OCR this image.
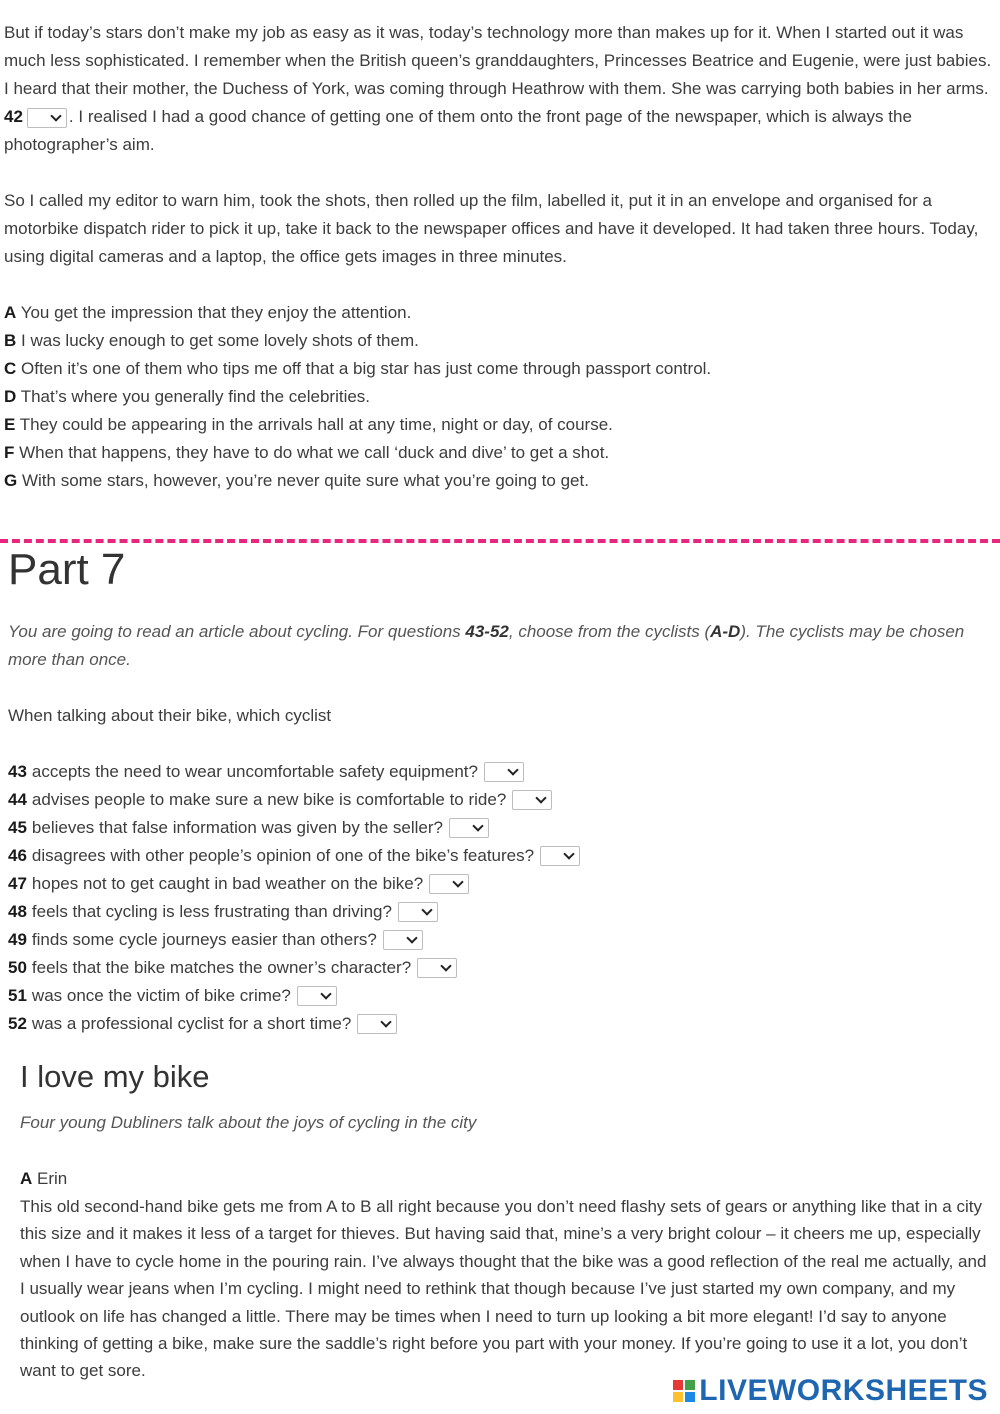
But if today’s stars don’t make my job as easy as it was, today’s technology more than makes up for it. When I started out it was much less sophisticated. I remember when the British queen’s granddaughters, Princesses Beatrice and Eugenie, were just babies. I heard that their mother, the Duchess of York, was coming through Heathrow with them. She was carrying both babies in her arms. 42	. I realised I had a good chance of getting one of them onto the front page of the newspaper, which is always the photographer’s aim.

So I called my editor to warn him, took the shots, then rolled up the film, labelled it, put it in an envelope and organised for a motorbike dispatch rider to pick it up, take it back to the newspaper offices and have it developed. It had taken three hours. Today, using digital cameras and a laptop, the office gets images in three minutes.

A You get the impression that they enjoy the attention.

B I was lucky enough to get some lovely shots of them.

C Often it’s one of them who tips me off that a big star has just come through passport control.

D That’s where you generally find the celebrities.

E They could be appearing in the arrivals hall at any time, night or day, of course.

F When that happens, they have to do what we call ‘duck and dive’ to get a shot.

G With some stars, however, you’re never quite sure what you’re going to get.

Part 7

You are going to read an article about cycling. For questions 43-52, choose from the cyclists (A-D). The cyclists may be chosen more than once.

When talking about their bike, which cyclist

43 accepts the need to wear uncomfortable safety equipment?
44 advises people to make sure a new bike is comfortable to ride?
45 believes that false information was given by the seller?
46 disagrees with other people’s opinion of one of the bike’s features?
47 hopes not to get caught in bad weather on the bike?
48 feels that cycling is less frustrating than driving?
49 finds some cycle journeys easier than others?
50 feels that the bike matches the owner’s character?
51 was once the victim of bike crime?
52 was a professional cyclist for a short time?
I love my bike

Four young Dubliners talk about the joys of cycling in the city

A Erin

This old second-hand bike gets me from A to B all right because you don’t need flashy sets of gears or anything like that in a city this size and it makes it less of a target for thieves. But having said that, mine’s a very bright colour – it cheers me up, especially when I have to cycle home in the pouring rain. I’ve always thought that the bike was a good reflection of the real me actually, and I usually wear jeans when I’m cycling. I might need to rethink that though because I’ve just started my own company, and my outlook on life has changed a little. There may be times when I need to turn up looking a bit more elegant! I’d say to anyone thinking of getting a bike, make sure the saddle’s right before you part with your money. If you’re going to use it a lot, you don’t want to get sore.

LIVEWORKSHEETS
